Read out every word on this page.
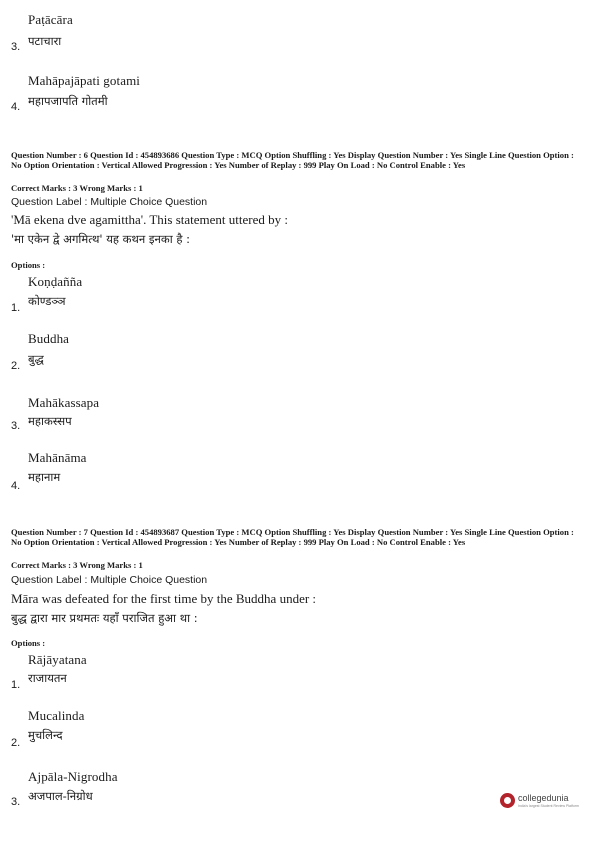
Paṭācāra
पटाचारा
3.
Mahāpajāpati gotami
महापजापति गोतमी
4.
Question Number : 6 Question Id : 454893686 Question Type : MCQ Option Shuffling : Yes Display Question Number : Yes Single Line Question Option : No Option Orientation : Vertical Allowed Progression : Yes Number of Replay : 999 Play On Load : No Control Enable : Yes
Correct Marks : 3 Wrong Marks : 1
Question Label : Multiple Choice Question
'Mā ekena dve agamittha'. This statement uttered by :
'मा एकेन द्वे अगमित्थ' यह कथन इनका है :
Options :
Koṇḍañña
कोण्डञ्ञ
1.
Buddha
बुद्ध
2.
Mahākassapa
महाकस्सप
3.
Mahānāma
महानाम
4.
Question Number : 7 Question Id : 454893687 Question Type : MCQ Option Shuffling : Yes Display Question Number : Yes Single Line Question Option : No Option Orientation : Vertical Allowed Progression : Yes Number of Replay : 999 Play On Load : No Control Enable : Yes
Correct Marks : 3 Wrong Marks : 1
Question Label : Multiple Choice Question
Māra was defeated for the first time by the Buddha under :
बुद्ध द्वारा मार प्रथमतः यहाँ पराजित हुआ था :
Options :
Rājāyatana
राजायतन
1.
Mucalinda
मुचलिन्द
2.
Ajpāla-Nigrodha
अजपाल-निग्रोध
3.	collegedunia
India's largest Student Review Platform
